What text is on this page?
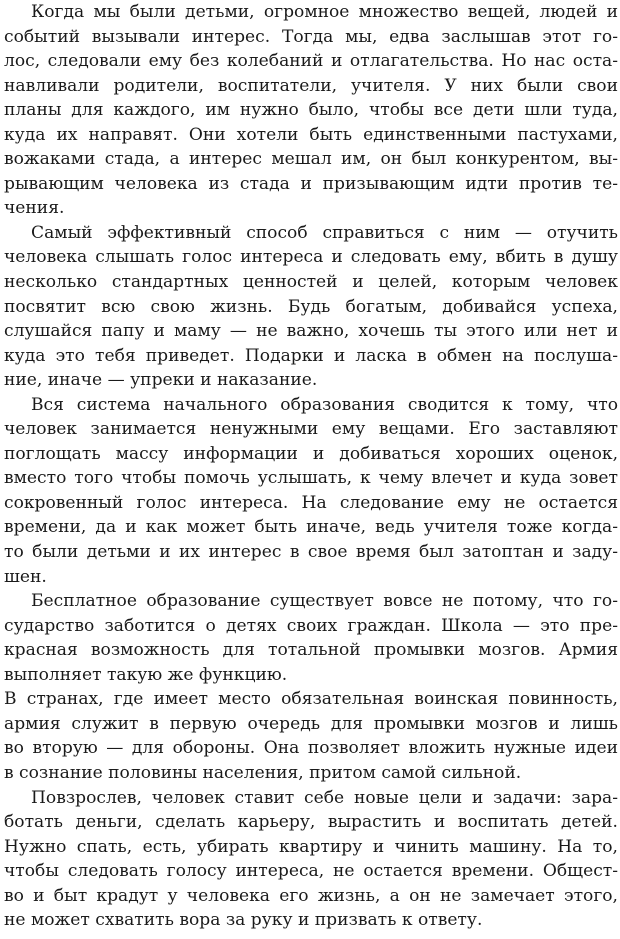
Когда мы были детьми, огромное множество вещей, людей и
событий вызывали интерес. Тогда мы, едва заслышав этот го-
лос, следовали ему без колебаний и отлагательства. Но нас оста-
навливали родители, воспитатели, учителя. У них были свои
планы для каждого, им нужно было, чтобы все дети шли туда,
куда их направят. Они хотели быть единственными пастухами,
вожаками стада, а интерес мешал им, он был конкурентом, вы-
рывающим человека из стада и призывающим идти против те-
чения.
Самый эффективный способ справиться с ним — отучить
человека слышать голос интереса и следовать ему, вбить в душу
несколько стандартных ценностей и целей, которым человек
посвятит всю свою жизнь. Будь богатым, добивайся успеха,
слушайся папу и маму — не важно, хочешь ты этого или нет и
куда это тебя приведет. Подарки и ласка в обмен на послуша-
ние, иначе — упреки и наказание.
Вся система начального образования сводится к тому, что
человек занимается ненужными ему вещами. Его заставляют
поглощать массу информации и добиваться хороших оценок,
вместо того чтобы помочь услышать, к чему влечет и куда зовет
сокровенный голос интереса. На следование ему не остается
времени, да и как может быть иначе, ведь учителя тоже когда-
то были детьми и их интерес в свое время был затоптан и заду-
шен.
Бесплатное образование существует вовсе не потому, что го-
сударство заботится о детях своих граждан. Школа — это пре-
красная возможность для тотальной промывки мозгов. Армия
выполняет такую же функцию.
В странах, где имеет место обязательная воинская повинность,
армия служит в первую очередь для промывки мозгов и лишь
во вторую — для обороны. Она позволяет вложить нужные идеи
в сознание половины населения, притом самой сильной.
Повзрослев, человек ставит себе новые цели и задачи: зара-
ботать деньги, сделать карьеру, вырастить и воспитать детей.
Нужно спать, есть, убирать квартиру и чинить машину. На то,
чтобы следовать голосу интереса, не остается времени. Общест-
во и быт крадут у человека его жизнь, а он не замечает этого,
не может схватить вора за руку и призвать к ответу.
